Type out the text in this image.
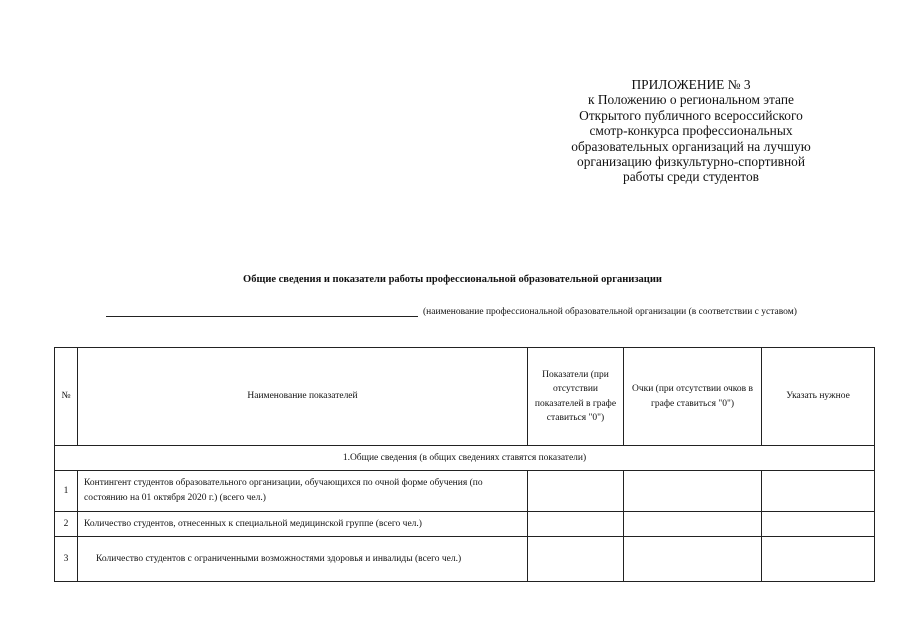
ПРИЛОЖЕНИЕ № 3
к Положению о региональном этапе
Открытого публичного всероссийского
смотр-конкурса профессиональных
образовательных организаций на лучшую
организацию физкультурно-спортивной
работы среди студентов
Общие сведения и показатели работы профессиональной образовательной организации
(наименование профессиональной образовательной организации (в соответствии с уставом)
№	Наименование показателей	Показатели (при отсутствии показателей в графе ставиться "0")	Очки (при отсутствии очков в графе ставиться "0")	Указать нужное
1.Общие сведения (в общих сведениях ставятся показатели)				
1	Контингент студентов образовательного организации, обучающихся по очной форме обучения (по состоянию на 01 октября 2020 г.) (всего чел.)			
2	Количество студентов, отнесенных к специальной медицинской группе (всего чел.)			
3	Количество студентов с ограниченными возможностями здоровья и инвалиды (всего чел.)			
